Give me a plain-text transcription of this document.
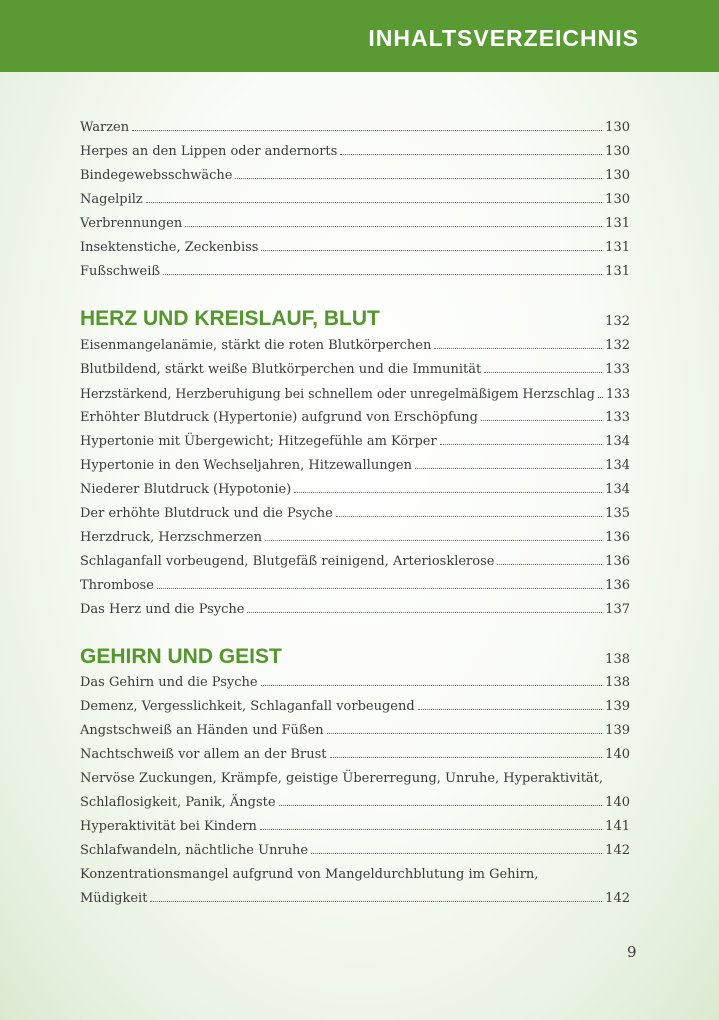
INHALTSVERZEICHNIS
Warzen	130
Herpes an den Lippen oder andernorts	130
Bindegewebsschwäche	130
Nagelpilz	130
Verbrennungen	131
Insektenstiche, Zeckenbiss	131
Fußschweiß	131
HERZ UND KREISLAUF, BLUT	132
Eisenmangelanämie, stärkt die roten Blutkörperchen	132
Blutbildend, stärkt weiße Blutkörperchen und die Immunität	133
Herzstärkend, Herzberuhigung bei schnellem oder unregelmäßigem Herzschlag 133
Erhöhter Blutdruck (Hypertonie) aufgrund von Erschöpfung	133
Hypertonie mit Übergewicht; Hitzegefühle am Körper	134
Hypertonie in den Wechseljahren, Hitzewallungen	134
Niederer Blutdruck (Hypotonie)	134
Der erhöhte Blutdruck und die Psyche	135
Herzdruck, Herzschmerzen	136
Schlaganfall vorbeugend, Blutgefäß reinigend, Arteriosklerose	136
Thrombose	136
Das Herz und die Psyche	137
GEHIRN UND GEIST	138
Das Gehirn und die Psyche	138
Demenz, Vergesslichkeit, Schlaganfall vorbeugend	139
Angstschweiß an Händen und Füßen	139
Nachtschweiß vor allem an der Brust	140
Nervöse Zuckungen, Krämpfe, geistige Übererregung, Unruhe, Hyperaktivität,
Schlaflosigkeit, Panik, Ängste	140
Hyperaktivität bei Kindern	141
Schlafwandeln, nächtliche Unruhe	142
Konzentrationsmangel aufgrund von Mangeldurchblutung im Gehirn,
Müdigkeit	142
9
